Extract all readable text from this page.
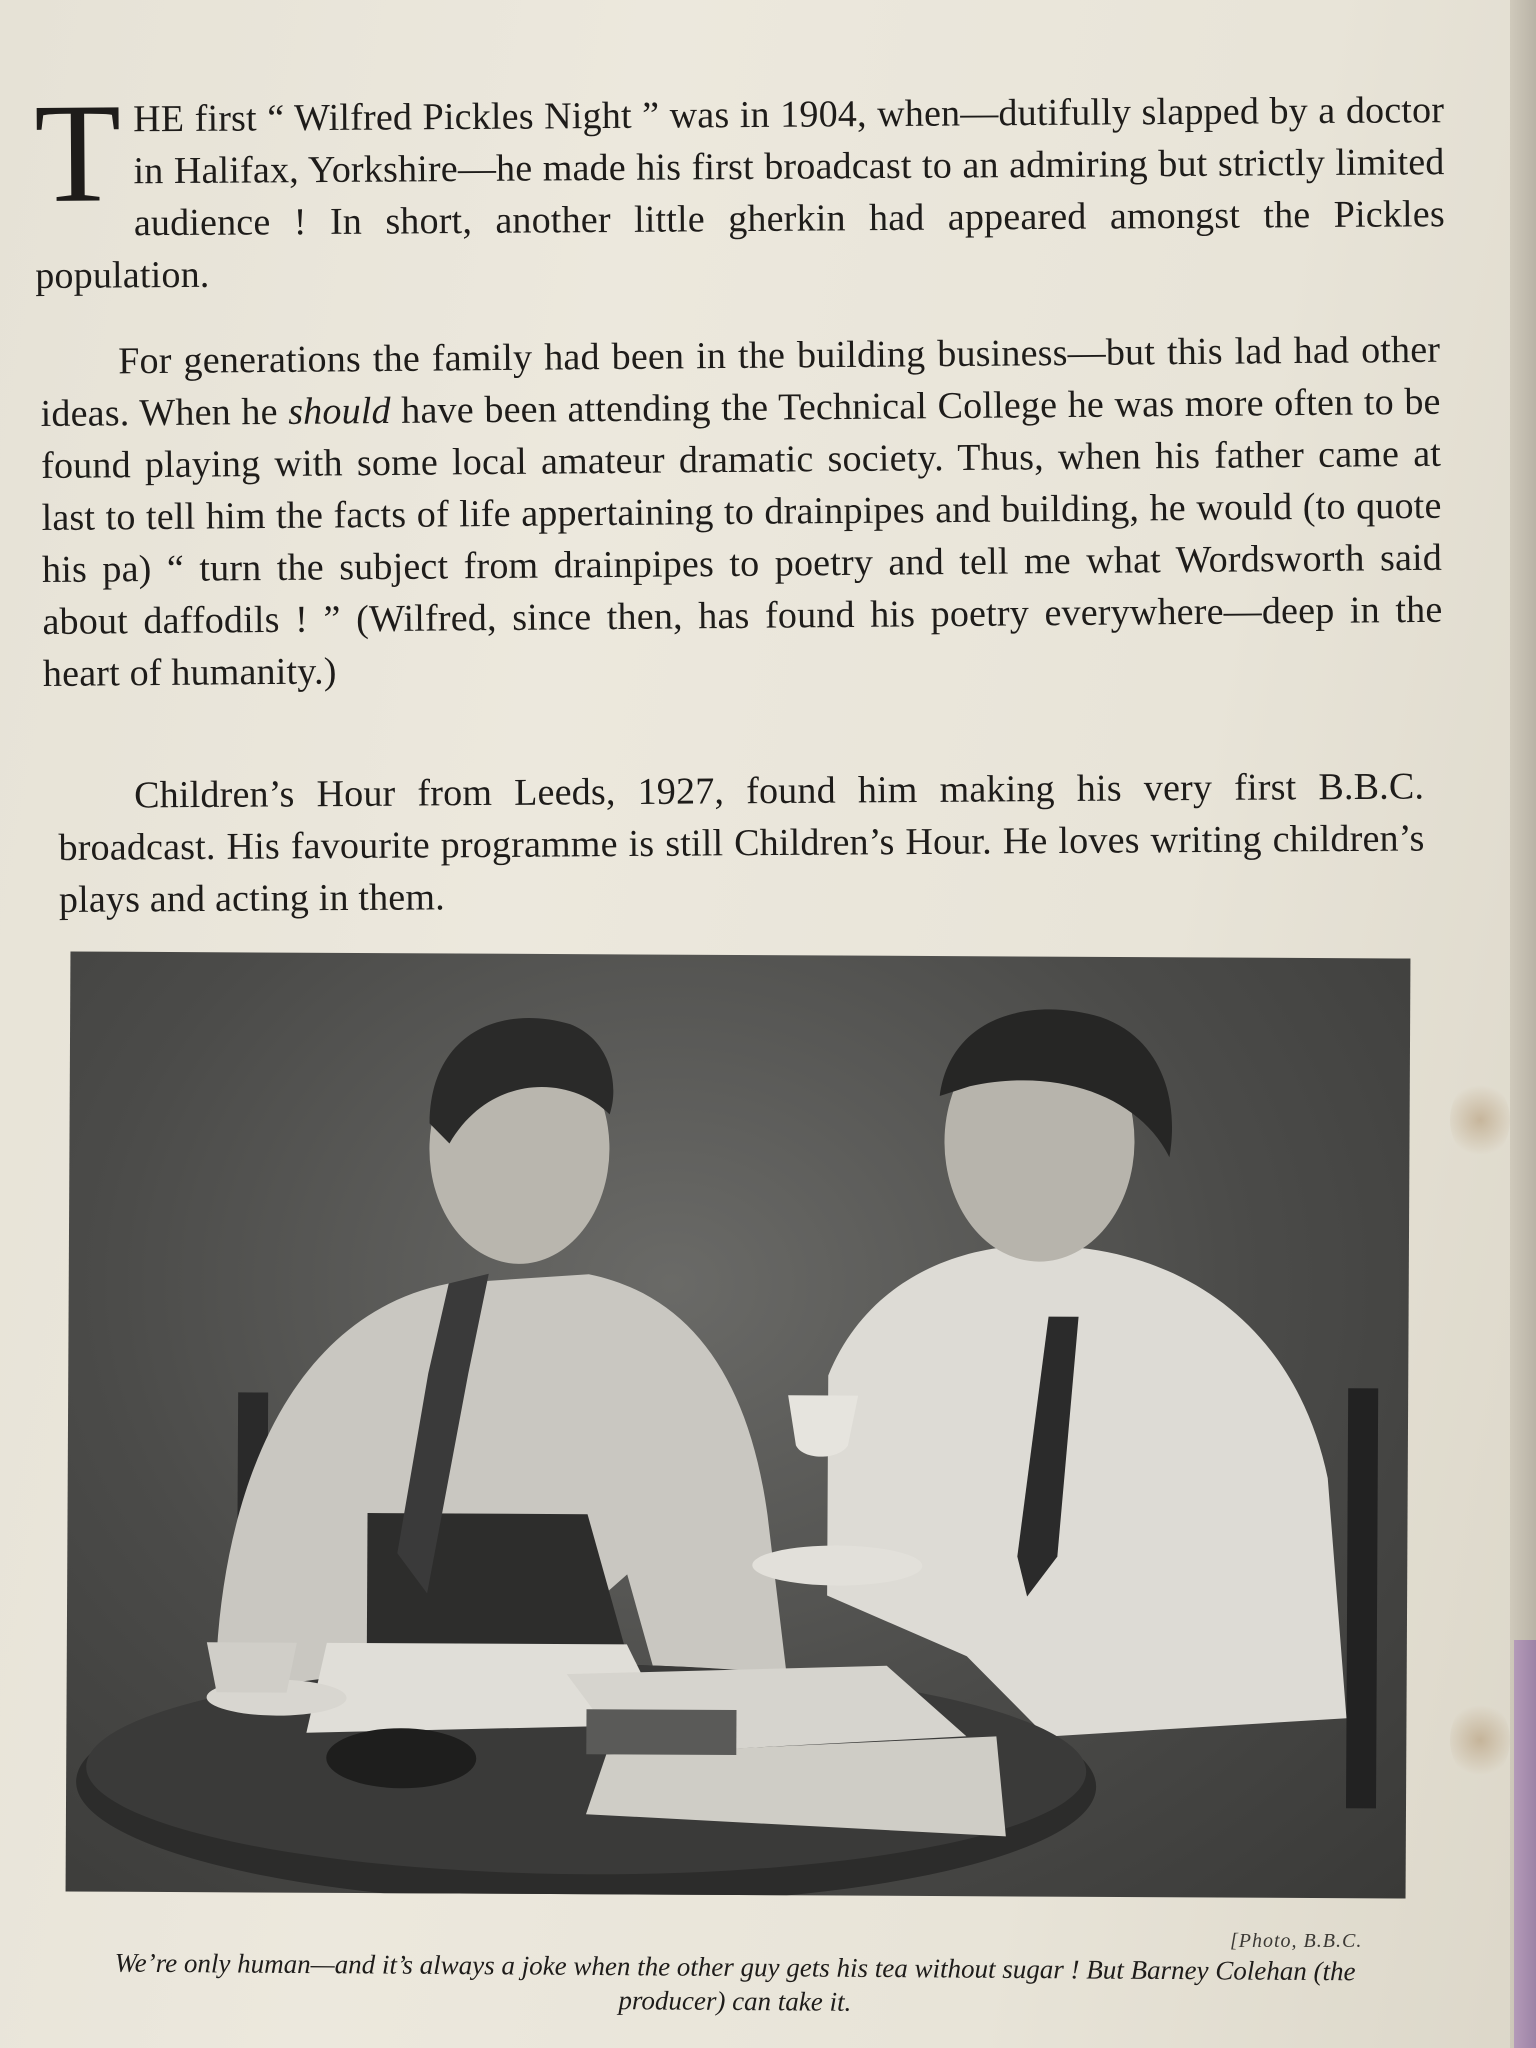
THE first “ Wilfred Pickles Night ” was in 1904, when—dutifully slapped by a doctor in Halifax, Yorkshire—he made his first broadcast to an admiring but strictly limited audience ! In short, another little gherkin had appeared amongst the Pickles population.
For generations the family had been in the building business—but this lad had other ideas. When he should have been attending the Technical College he was more often to be found playing with some local amateur dramatic society. Thus, when his father came at last to tell him the facts of life appertaining to drainpipes and building, he would (to quote his pa) “ turn the subject from drainpipes to poetry and tell me what Wordsworth said about daffodils ! ” (Wilfred, since then, has found his poetry everywhere—deep in the heart of humanity.)
Children’s Hour from Leeds, 1927, found him making his very first B.B.C. broadcast. His favourite programme is still Children’s Hour. He loves writing children’s plays and acting in them.
[Photo, B.B.C.
We’re only human—and it’s always a joke when the other guy gets his tea without sugar ! But Barney Colehan (the producer) can take it.
